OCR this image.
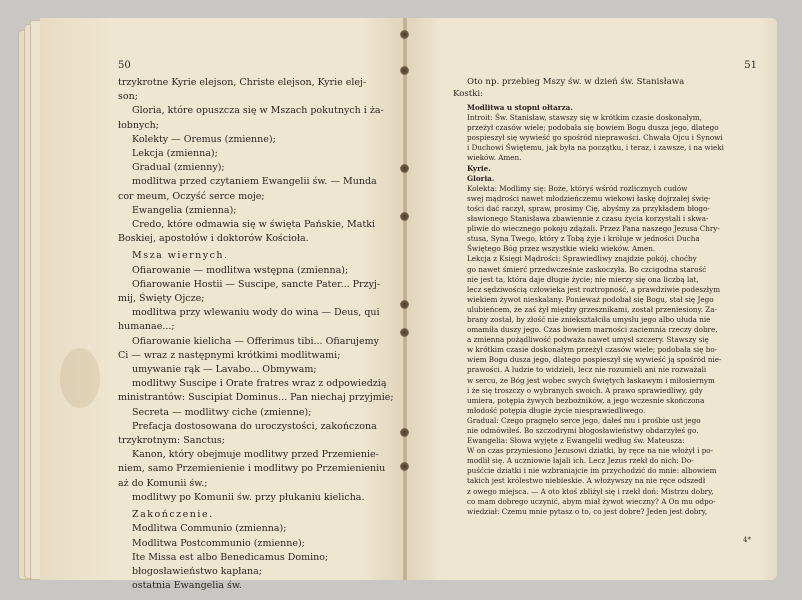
50

trzykrotne Kyrie elejson, Christe elejson, Kyrie elej-

son;

Gloria, które opuszcza się w Mszach pokutnych i ża-

łobnych;

Kolekty — Oremus (zmienne);

Lekcja (zmienna);

Gradual (zmienny);

modlitwa przed czytaniem Ewangelii św. — Munda

cor meum, Oczyść serce moje;

Ewangelia (zmienna);

Credo, które odmawia się w święta Pańskie, Matki

Boskiej, apostołów i doktorów Kościoła.

Msza wiernych.

Ofiarowanie — modlitwa wstępna (zmienna);

Ofiarowanie Hostii — Suscipe, sancte Pater... Przyj-

mij, Święty Ojcze;

modlitwa przy wlewaniu wody do wina — Deus, qui

humanae...;

Ofiarowanie kielicha — Offerimus tibi... Ofiarujemy

Ci — wraz z następnymi krótkimi modlitwami;

umywanie rąk — Lavabo... Obmywam;

modlitwy Suscipe i Orate fratres wraz z odpowiedzią

ministrantów: Suscipiat Dominus... Pan niechaj przyjmie;

Secreta — modlitwy ciche (zmienne);

Prefacja dostosowana do uroczystości, zakończona

trzykrotnym: Sanctus;

Kanon, który obejmuje modlitwy przed Przemienie-

niem, samo Przemienienie i modlitwy po Przemienieniu

aż do Komunii św.;

modlitwy po Komunii św. przy płukaniu kielicha.

Zakończenie.

Modlitwa Communio (zmienna);

Modlitwa Postcommunio (zmienne);

Ite Missa est albo Benedicamus Domino;

błogosławieństwo kapłana;

ostatnia Ewangelia św.

51

Oto np. przebieg Mszy św. w dzień św. Stanisława

Kostki:

Modlitwa u stopni ołtarza.

Introit: Św. Stanisław, stawszy się w krótkim czasie doskonałym,

przeżył czasów wiele; podobała się bowiem Bogu dusza jego, dlatego

pospieszył się wywieść go spośród nieprawości. Chwała Ojcu i Synowi

i Duchowi Świętemu, jak była na początku, i teraz, i zawsze, i na wieki

wieków. Amen.

Kyrie.

Gloria.

Kolekta: Modlimy się: Boże, któryś wśród rozlicznych cudów

swej mądrości nawet młodzieńczemu wiekowi łaskę dojrzałej świę-

tości dać raczył, spraw, prosimy Cię, abyśmy za przykładem błogo-

sławionego Stanisława zbawiennie z czasu życia korzystali i skwa-

pliwie do wiecznego pokoju zdążali. Przez Pana naszego Jezusa Chry-

stusa, Syna Twego, który z Tobą żyje i króluje w jedności Ducha

Świętego Bóg przez wszystkie wieki wieków. Amen.

Lekcja z Księgi Mądrości: Sprawiedliwy znajdzie pokój, choćby

go nawet śmierć przedwcześnie zaskoczyła. Bo czcigodna starość

nie jest ta, która daje długie życie; nie mierzy się ona liczbą lat,

lecz sędziwością człowieka jest roztropność, a prawdziwie podeszłym

wiekiem żywot nieskalany. Ponieważ podobał się Bogu, stał się Jego

ulubieńcem, że zaś żył między grzesznikami, został przeniesiony. Za-

brany został, by złość nie zniekształciła umysłu jego albo ułuda nie

omamiła duszy jego. Czas bowiem marności zaciemnia rzeczy dobre,

a zmienna pożądliwość podważa nawet umysł szczery. Stawszy się

w krótkim czasie doskonałym przeżył czasów wiele; podobała się bo-

wiem Bogu dusza jego, dlatego pospieszył się wywieść ją spośród nie-

prawości. A ludzie to widzieli, lecz nie rozumieli ani nie rozważali

w sercu, że Bóg jest wobec swych świętych łaskawym i miłosiernym

i że się troszczy o wybranych swoich. A prawo sprawiedliwy, gdy

umiera, potępia żywych bezbożników, a jego wczesnie skończona

młodość potępia długie życie niesprawiedliwego.

Gradual: Czego pragnęło serce jego, dałeś mu i prośbie ust jego

nie odmówiłeś. Bo szczodrymi błogosławieństwy obdarzyłeś go.

Ewangelia: Słowa wyjęte z Ewangelii według św. Mateusza:

W on czas przyniesiono Jezusowi dziatki, by ręce na nie włożył i po-

modlił się. A uczniowie łajali ich. Lecz Jezus rzekł do nich: Do-

puśćcie dziatki i nie wzbraniajcie im przychodzić do mnie: albowiem

takich jest królestwo niebieskie. A włożywszy na nie ręce odszedł

z owego miejsca. — A oto ktoś zbliżył się i rzekł doń: Mistrzu dobry,

co mam dobrego uczynić, abym miał żywot wieczny? A On mu odpo-

wiedział: Czemu mnie pytasz o to, co jest dobre? Jeden jest dobry,

4*
